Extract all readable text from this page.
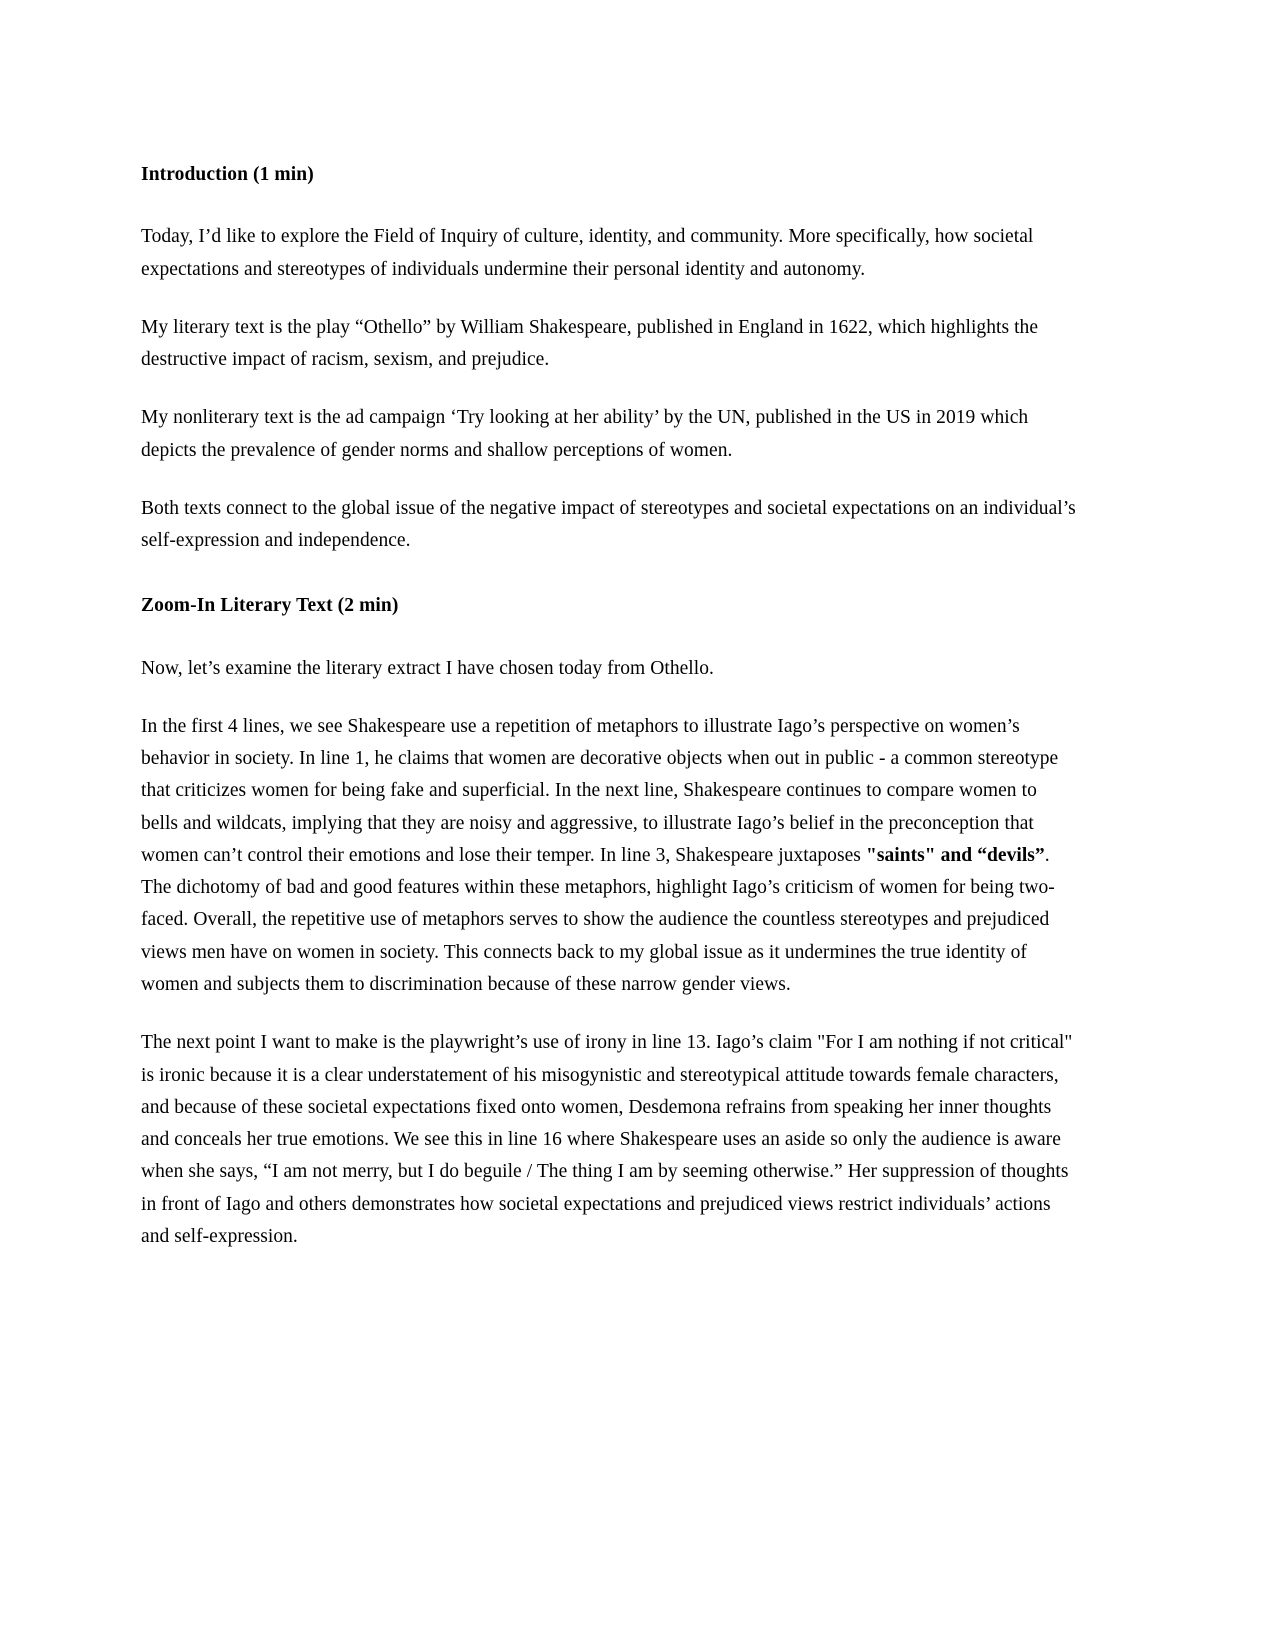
Introduction (1 min)

Today, I’d like to explore the Field of Inquiry of culture, identity, and community. More specifically, how societal expectations and stereotypes of individuals undermine their personal identity and autonomy.

My literary text is the play “Othello” by William Shakespeare, published in England in 1622, which highlights the destructive impact of racism, sexism, and prejudice.

My nonliterary text is the ad campaign ‘Try looking at her ability’ by the UN, published in the US in 2019 which depicts the prevalence of gender norms and shallow perceptions of women.

Both texts connect to the global issue of the negative impact of stereotypes and societal expectations on an individual’s self-expression and independence.

Zoom-In Literary Text (2 min)

Now, let’s examine the literary extract I have chosen today from Othello.

In the first 4 lines, we see Shakespeare use a repetition of metaphors to illustrate Iago’s perspective on women’s behavior in society. In line 1, he claims that women are decorative objects when out in public - a common stereotype that criticizes women for being fake and superficial. In the next line, Shakespeare continues to compare women to bells and wildcats, implying that they are noisy and aggressive, to illustrate Iago’s belief in the preconception that women can’t control their emotions and lose their temper. In line 3, Shakespeare juxtaposes "saints" and “devils”. The dichotomy of bad and good features within these metaphors, highlight Iago’s criticism of women for being two-faced. Overall, the repetitive use of metaphors serves to show the audience the countless stereotypes and prejudiced views men have on women in society. This connects back to my global issue as it undermines the true identity of women and subjects them to discrimination because of these narrow gender views.

The next point I want to make is the playwright’s use of irony in line 13. Iago’s claim "For I am nothing if not critical" is ironic because it is a clear understatement of his misogynistic and stereotypical attitude towards female characters, and because of these societal expectations fixed onto women, Desdemona refrains from speaking her inner thoughts and conceals her true emotions. We see this in line 16 where Shakespeare uses an aside so only the audience is aware when she says, “I am not merry, but I do beguile / The thing I am by seeming otherwise.” Her suppression of thoughts in front of Iago and others demonstrates how societal expectations and prejudiced views restrict individuals’ actions and self-expression.
